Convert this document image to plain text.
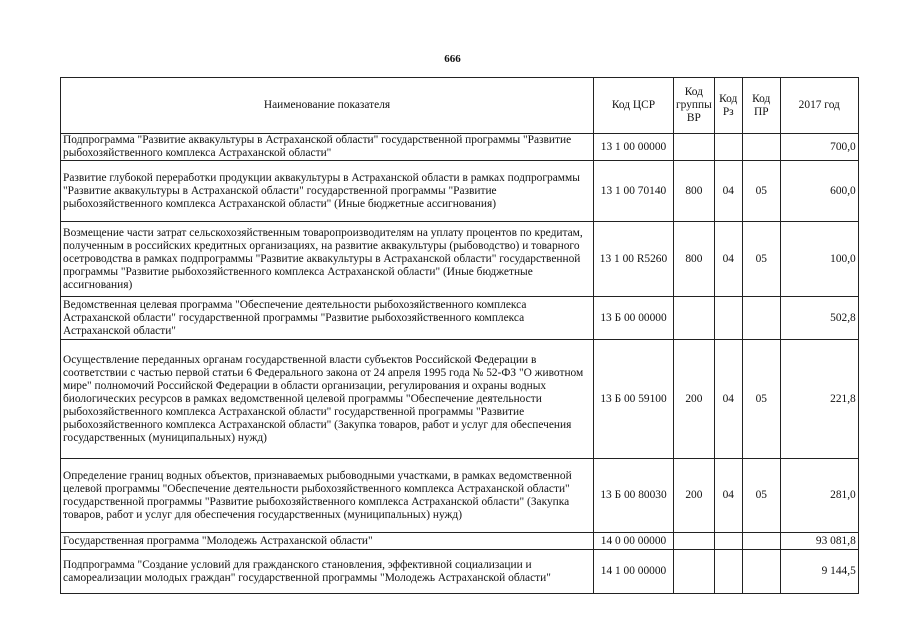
666
Наименование показателя	Код ЦСР	Код
группы
ВР	Код
Рз	Код
ПР	2017 год
Подпрограмма "Развитие аквакультуры в Астраханской области" государственной программы "Развитие рыбохозяйственного комплекса Астраханской области"	13 1 00 00000				700,0
Развитие глубокой переработки продукции аквакультуры в Астраханской области в рамках подпрограммы "Развитие аквакультуры в Астраханской области" государственной программы "Развитие рыбохозяйственного комплекса Астраханской области" (Иные бюджетные ассигнования)	13 1 00 70140	800	04	05	600,0
Возмещение части затрат сельскохозяйственным товаропроизводителям на уплату процентов по кредитам, полученным в российских кредитных организациях, на развитие аквакультуры (рыбоводство) и товарного осетроводства в рамках подпрограммы "Развитие аквакультуры в Астраханской области" государственной программы "Развитие рыбохозяйственного комплекса Астраханской области" (Иные бюджетные ассигнования)	13 1 00 R5260	800	04	05	100,0
Ведомственная целевая программа "Обеспечение деятельности рыбохозяйственного комплекса Астраханской области" государственной программы "Развитие рыбохозяйственного комплекса Астраханской области"	13 Б 00 00000				502,8
Осуществление переданных органам государственной власти субъектов Российской Федерации в соответствии с частью первой статьи 6 Федерального закона от 24 апреля 1995 года № 52-ФЗ "О животном мире" полномочий Российской Федерации в области организации, регулирования и охраны водных биологических ресурсов в рамках ведомственной целевой программы "Обеспечение деятельности рыбохозяйственного комплекса Астраханской области" государственной программы "Развитие рыбохозяйственного комплекса Астраханской области" (Закупка товаров, работ и услуг для обеспечения государственных (муниципальных) нужд)	13 Б 00 59100	200	04	05	221,8
Определение границ водных объектов, признаваемых рыбоводными участками, в рамках ведомственной целевой программы "Обеспечение деятельности рыбохозяйственного комплекса Астраханской области" государственной программы "Развитие рыбохозяйственного комплекса Астраханской области" (Закупка товаров, работ и услуг для обеспечения государственных (муниципальных) нужд)	13 Б 00 80030	200	04	05	281,0
Государственная программа "Молодежь Астраханской области"	14 0 00 00000				93 081,8
Подпрограмма "Создание условий для гражданского становления, эффективной социализации и самореализации молодых граждан" государственной программы "Молодежь Астраханской области"	14 1 00 00000				9 144,5
